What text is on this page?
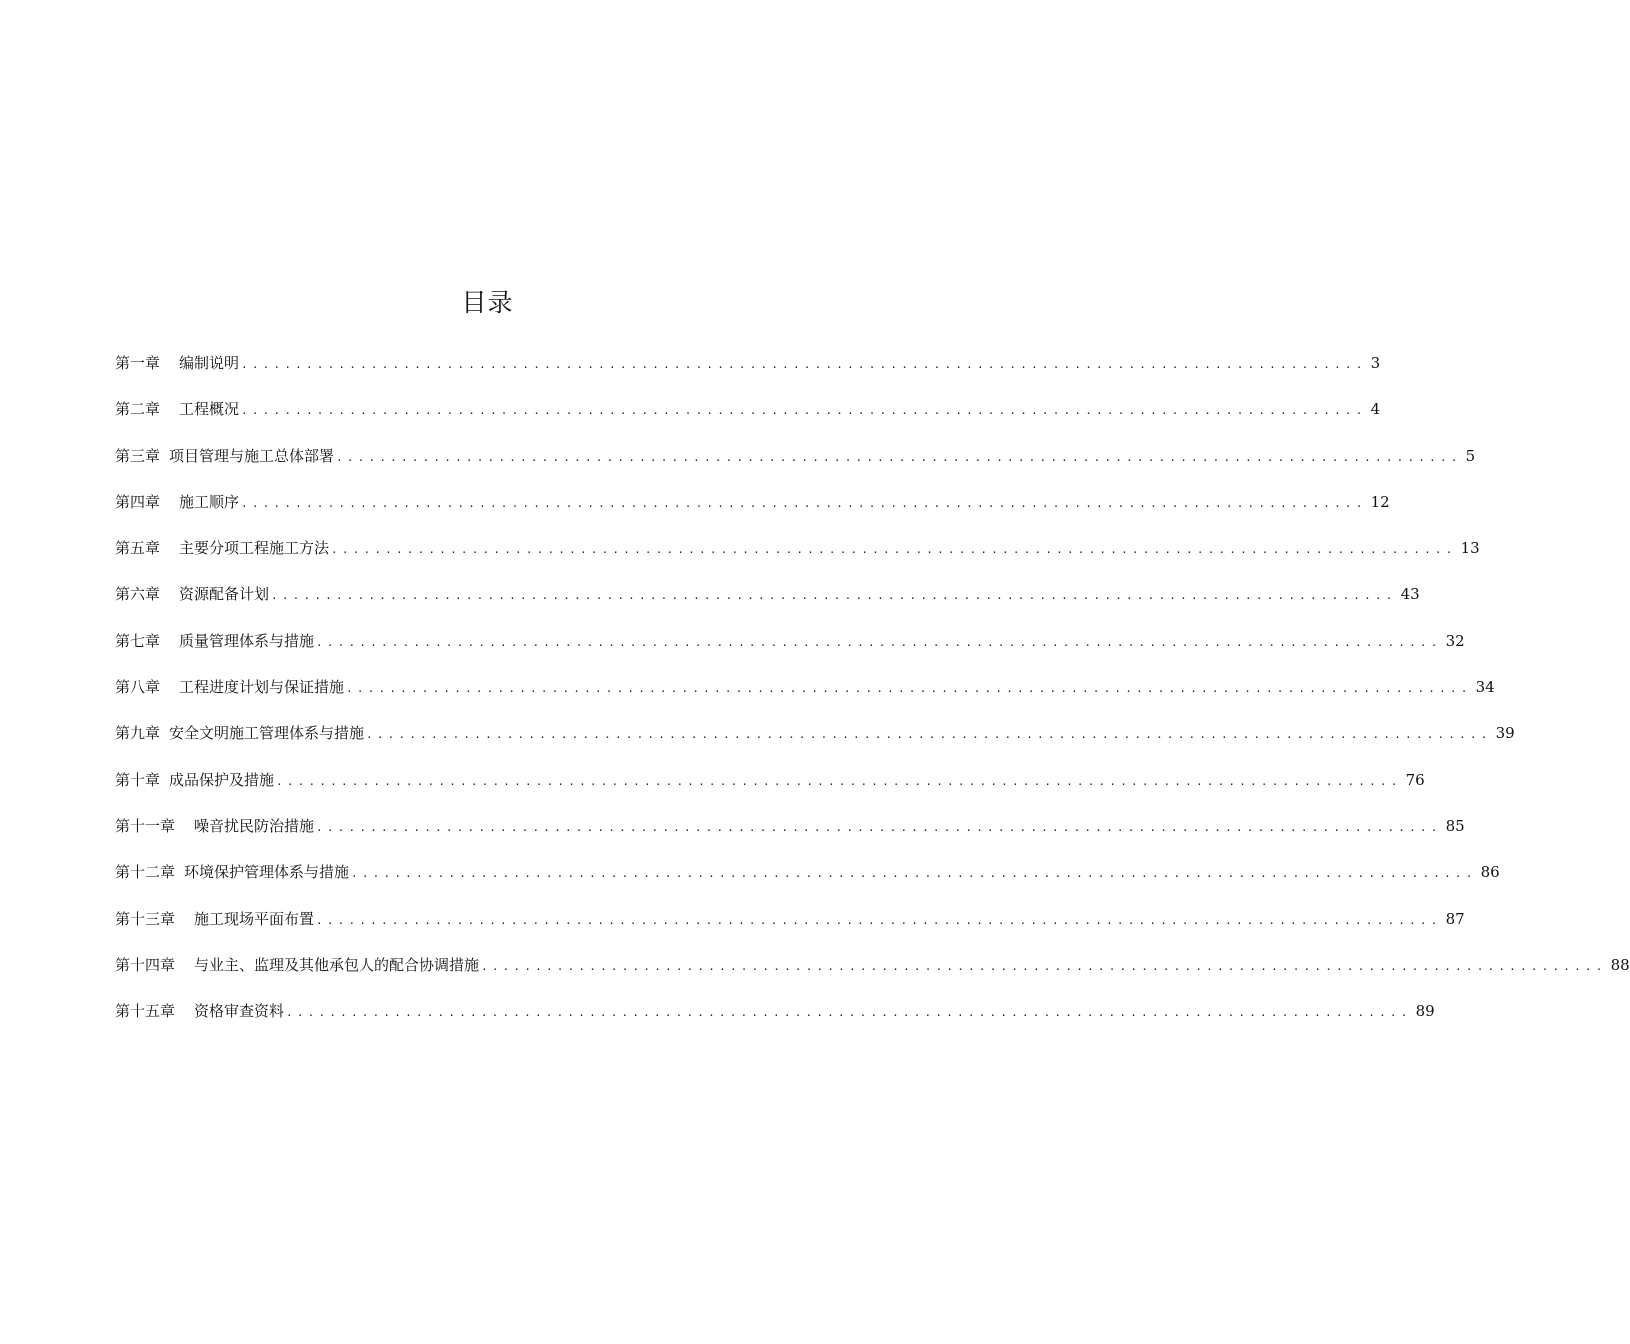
目录
第一章 编制说明 ........................................................................................................ 3
第二章 工程概况 ........................................................................................................ 4
第三章 项目管理与施工总体部署 ........................................................................................................ 5
第四章 施工顺序 ........................................................................................................ 12
第五章 主要分项工程施工方法 ........................................................................................................ 13
第六章 资源配备计划 ........................................................................................................ 43
第七章 质量管理体系与措施 ........................................................................................................ 32
第八章 工程进度计划与保证措施 ........................................................................................................ 34
第九章 安全文明施工管理体系与措施 ........................................................................................................ 39
第十章 成品保护及措施 ........................................................................................................ 76
第十一章 噪音扰民防治措施 ........................................................................................................ 85
第十二章 环境保护管理体系与措施 ........................................................................................................ 86
第十三章 施工现场平面布置 ........................................................................................................ 87
第十四章 与业主、监理及其他承包人的配合协调措施 ........................................................................................................ 88
第十五章 资格审查资料 ........................................................................................................ 89
